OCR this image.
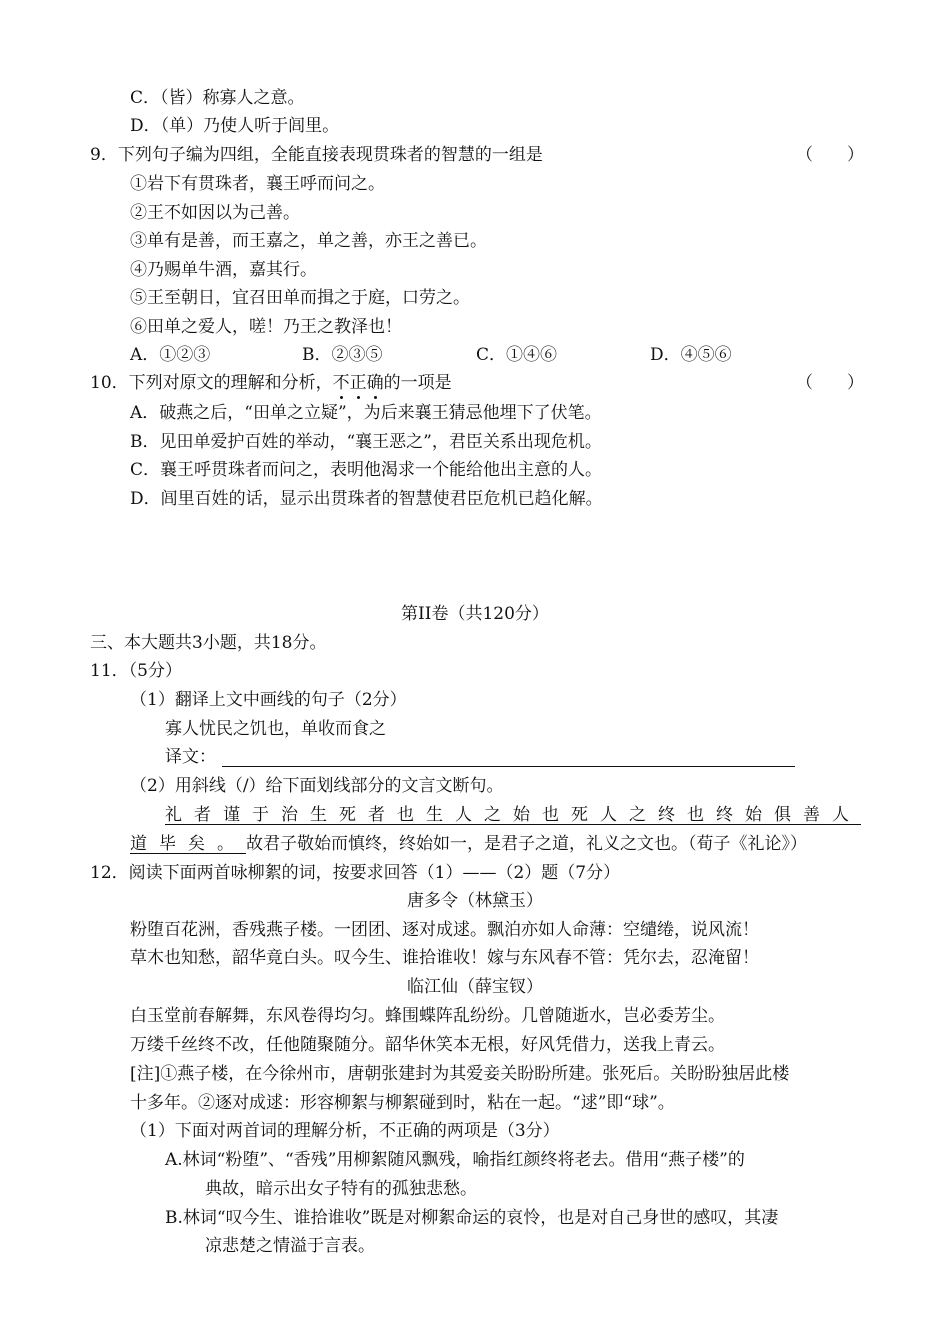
C．（皆）称寡人之意。
D．（单）乃使人听于闾里。
9．下列句子编为四组，全能直接表现贯珠者的智慧的一组是	（　　）
①岩下有贯珠者，襄王呼而问之。
②王不如因以为己善。
③单有是善，而王嘉之，单之善，亦王之善已。
④乃赐单牛酒，嘉其行。
⑤王至朝日，宜召田单而揖之于庭，口劳之。
⑥田单之爱人，嗟！乃王之教泽也！
A．①②③	B．②③⑤	C．①④⑥	D．④⑤⑥
10．下列对原文的理解和分析，不正确的一项是	（　　）
A．破燕之后，“田单之立疑”，为后来襄王猜忌他埋下了伏笔。
B．见田单爱护百姓的举动，“襄王恶之”，君臣关系出现危机。
C．襄王呼贯珠者而问之，表明他渴求一个能给他出主意的人。
D．闾里百姓的话，显示出贯珠者的智慧使君臣危机已趋化解。
第II卷（共120分）
三、本大题共3小题，共18分。
11．（5分）
（1）翻译上文中画线的句子（2分）
寡人忧民之饥也，单收而食之
译文：
（2）用斜线（/）给下面划线部分的文言文断句。
礼者谨于治生死者也生人之始也死人之终也终始俱善人
道毕矣。故君子敬始而慎终，终始如一，是君子之道，礼义之文也。（荀子《礼论》）
12．阅读下面两首咏柳絮的词，按要求回答（1）——（2）题（7分）
唐多令（林黛玉）
粉堕百花洲，香残燕子楼。一团团、逐对成逑。飘泊亦如人命薄：空缱绻，说风流！
草木也知愁，韶华竟白头。叹今生、谁拾谁收！嫁与东风春不管：凭尔去，忍淹留！
临江仙（薛宝钗）
白玉堂前春解舞，东风卷得均匀。蜂围蝶阵乱纷纷。几曾随逝水，岂必委芳尘。
万缕千丝终不改，任他随聚随分。韶华休笑本无根，好风凭借力，送我上青云。
[注]①燕子楼，在今徐州市，唐朝张建封为其爱妾关盼盼所建。张死后。关盼盼独居此楼
十多年。②逐对成逑：形容柳絮与柳絮碰到时，粘在一起。“逑”即“球”。
（1）下面对两首词的理解分析，不正确的两项是（3分）
A.林词“粉堕”、“香残”用柳絮随风飘残，喻指红颜终将老去。借用“燕子楼”的
典故，暗示出女子特有的孤独悲愁。
B.林词“叹今生、谁拾谁收”既是对柳絮命运的哀怜，也是对自己身世的感叹，其凄
凉悲楚之情溢于言表。
